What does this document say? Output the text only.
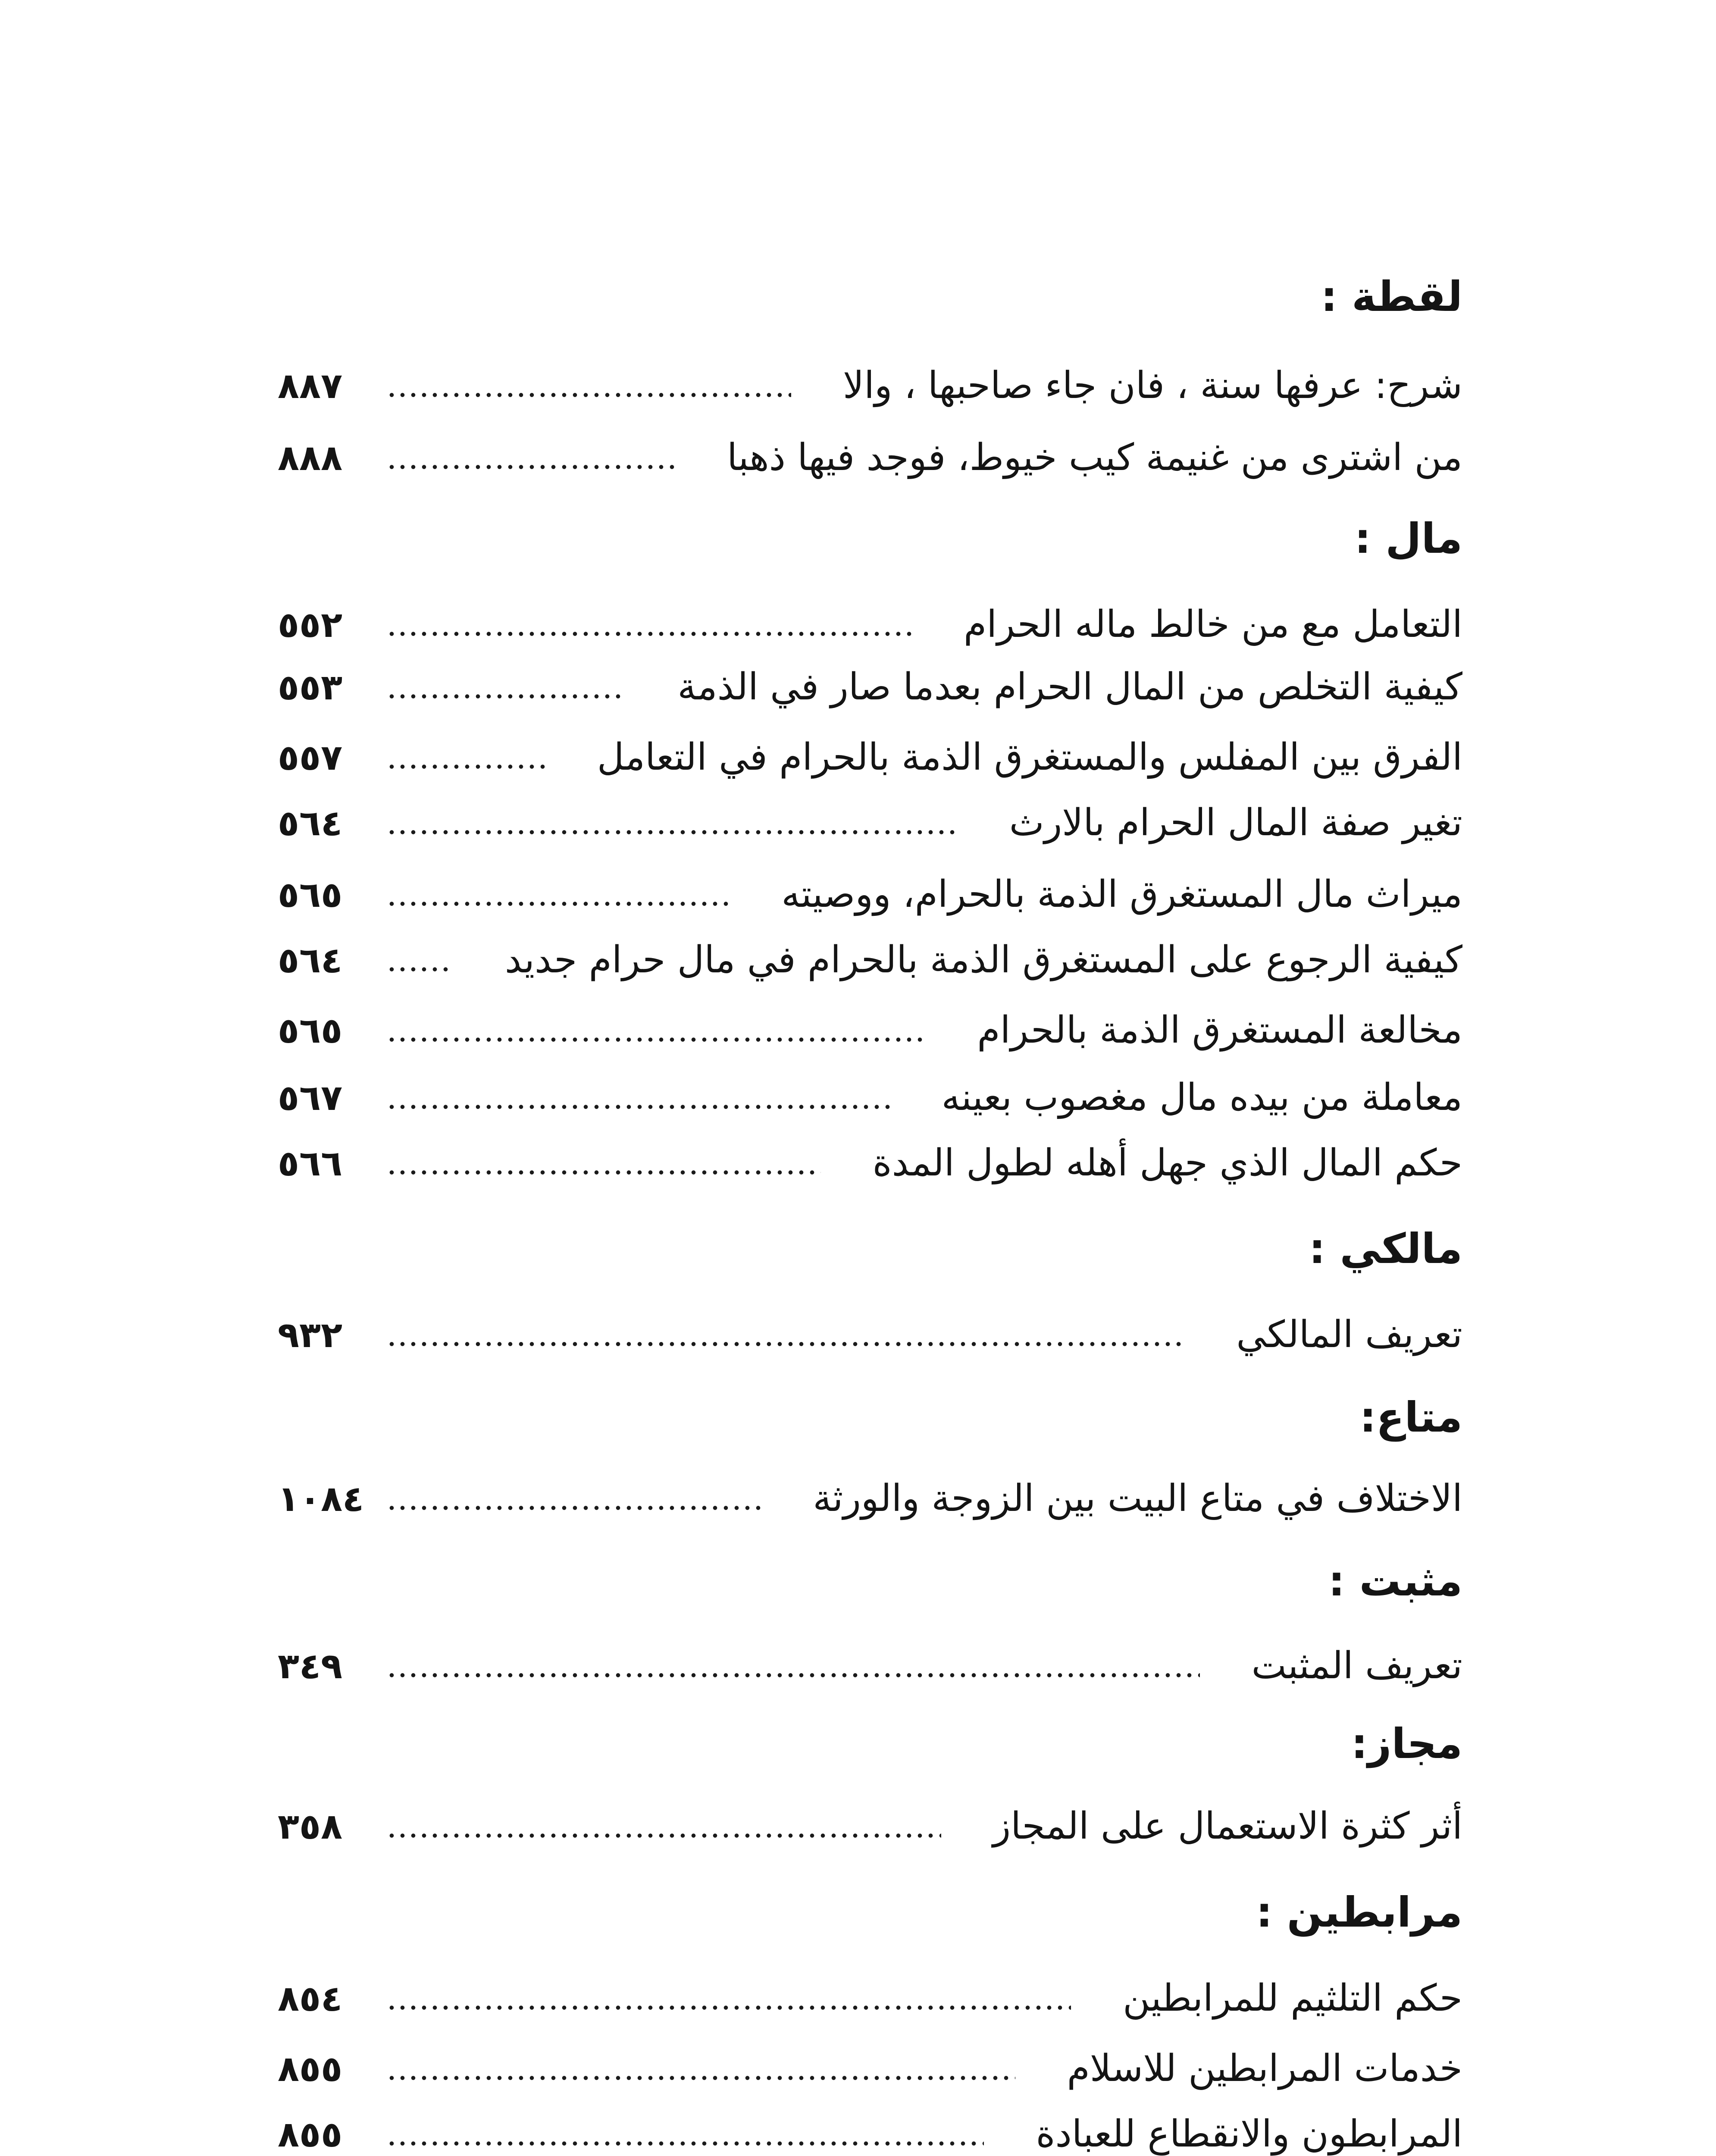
لقطة :
شرح: عرفها سنة ، فان جاء صاحبها ، والا
٨٨٧
من اشترى من غنيمة كيب خيوط، فوجد فيها ذهبا
٨٨٨
مال :
التعامل مع من خالط ماله الحرام
٥٥٢
كيفية التخلص من المال الحرام بعدما صار في الذمة
٥٥٣
الفرق بين المفلس والمستغرق الذمة بالحرام في التعامل
٥٥٧
تغير صفة المال الحرام بالارث
٥٦٤
ميراث مال المستغرق الذمة بالحرام، ووصيته
٥٦٥
كيفية الرجوع على المستغرق الذمة بالحرام في مال حرام جديد
٥٦٤
مخالعة المستغرق الذمة بالحرام
٥٦٥
معاملة من بيده مال مغصوب بعينه
٥٦٧
حكم المال الذي جهل أهله لطول المدة
٥٦٦
مالكي :
تعريف المالكي
٩٣٢
متاع:
الاختلاف في متاع البيت بين الزوجة والورثة
١٠٨٤
مثبت :
تعريف المثبت
٣٤٩
مجاز:
أثر كثرة الاستعمال على المجاز
٣٥٨
مرابطين :
حكم التلثيم للمرابطين
٨٥٤
خدمات المرابطين للاسلام
٨٥٥
المرابطون والانقطاع للعبادة
٨٥٥
